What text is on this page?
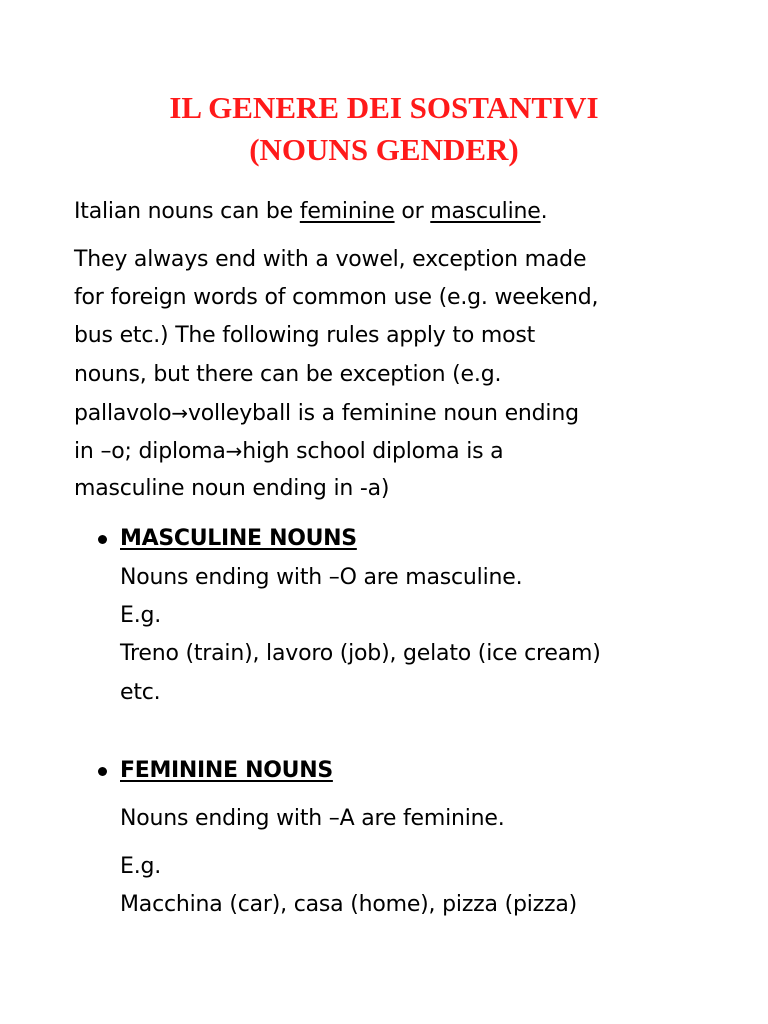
IL GENERE DEI SOSTANTIVI
(NOUNS GENDER)
Italian nouns can be feminine or masculine.
They always end with a vowel, exception made
for foreign words of common use (e.g. weekend,
bus etc.) The following rules apply to most
nouns, but there can be exception (e.g.
pallavolo→volleyball is a feminine noun ending
in –o; diploma→high school diploma is a
masculine noun ending in -a)
MASCULINE NOUNS
Nouns ending with –O are masculine.
E.g.
Treno (train), lavoro (job), gelato (ice cream)
etc.
FEMININE NOUNS
Nouns ending with –A are feminine.
E.g.
Macchina (car), casa (home), pizza (pizza)
